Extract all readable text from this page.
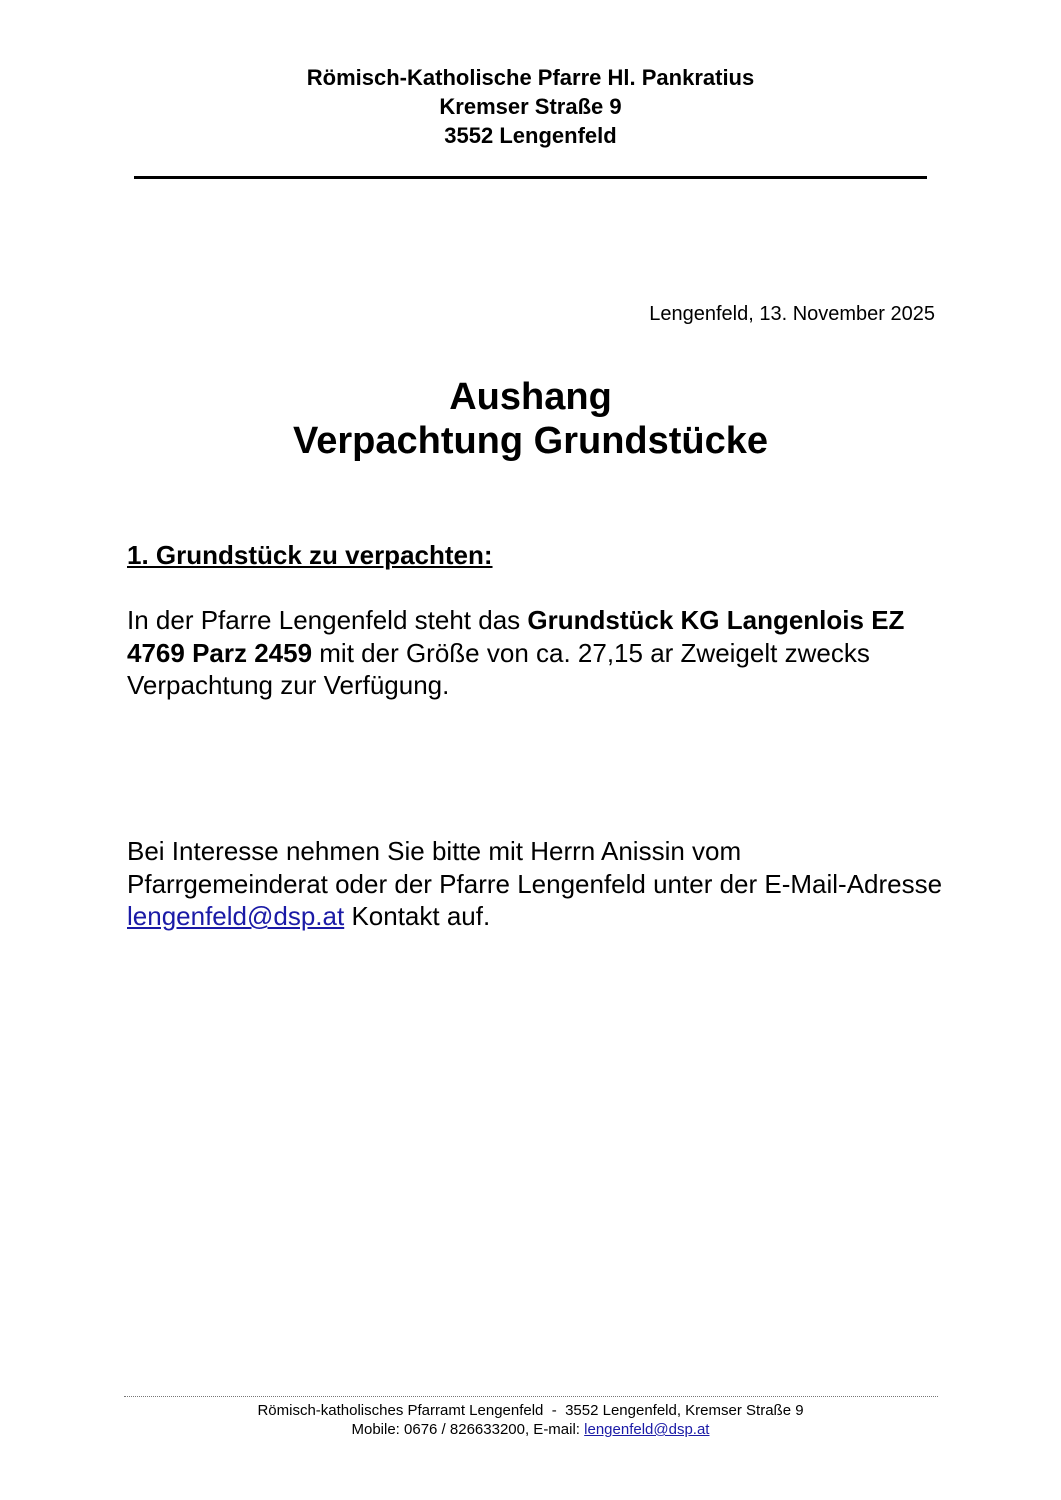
Römisch-Katholische Pfarre Hl. Pankratius
Kremser Straße 9
3552 Lengenfeld
Lengenfeld, 13. November 2025
Aushang
Verpachtung Grundstücke
1. Grundstück zu verpachten:
In der Pfarre Lengenfeld steht das Grundstück KG Langenlois EZ 4769 Parz 2459 mit der Größe von ca. 27,15 ar Zweigelt zwecks Verpachtung zur Verfügung.
Bei Interesse nehmen Sie bitte mit Herrn Anissin vom Pfarrgemeinderat oder der Pfarre Lengenfeld unter der E-Mail-Adresse lengenfeld@dsp.at Kontakt auf.
Römisch-katholisches Pfarramt Lengenfeld  -  3552 Lengenfeld, Kremser Straße 9
Mobile: 0676 / 826633200, E-mail: lengenfeld@dsp.at
